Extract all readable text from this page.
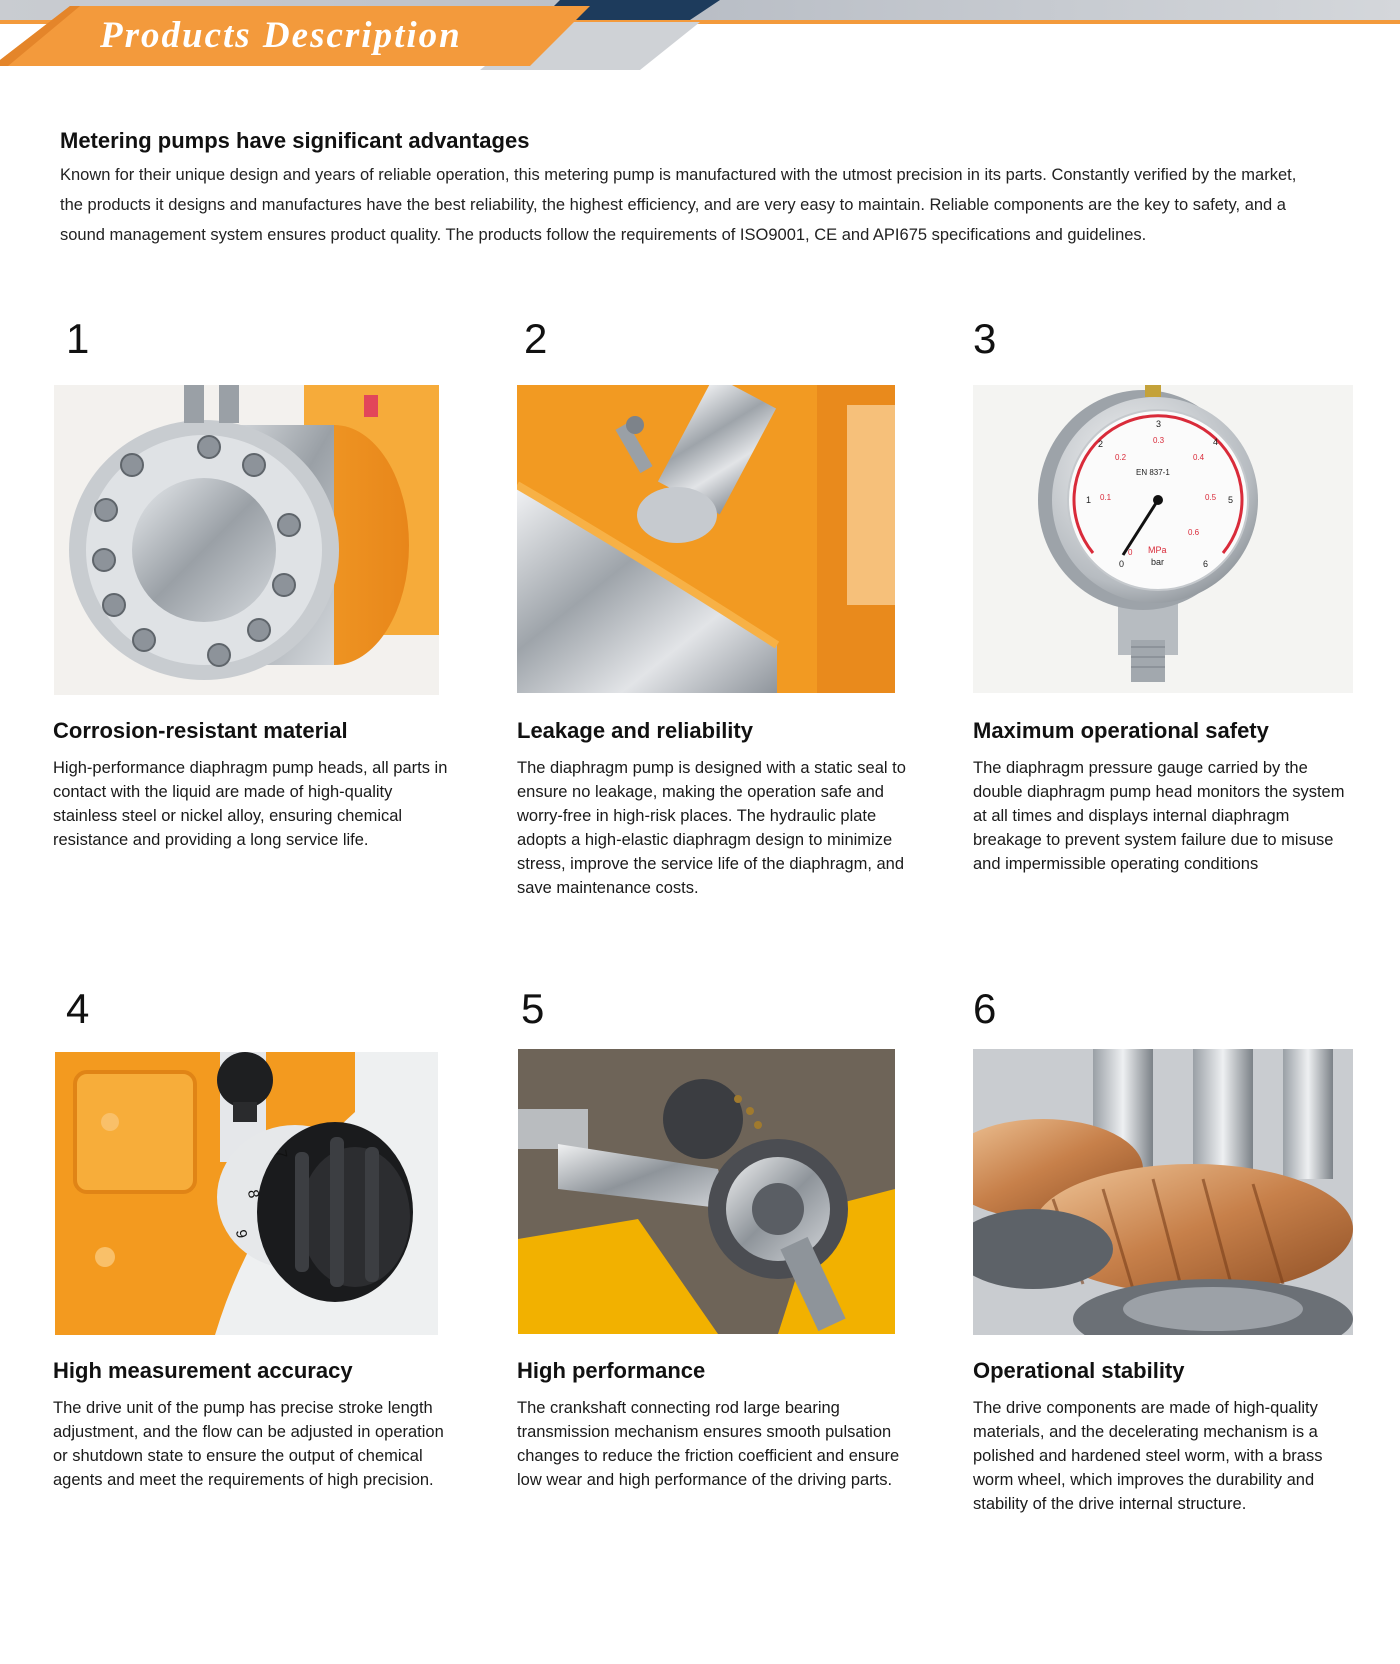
Products Description
Metering pumps have significant advantages

Known for their unique design and years of reliable operation, this metering pump is manufactured with the utmost precision in its parts. Constantly verified by the market, the products it designs and manufactures have the best reliability, the highest efficiency, and are very easy to maintain. Reliable components are the key to safety, and a sound management system ensures product quality. The products follow the requirements of ISO9001, CE and API675 specifications and guidelines.

1
Corrosion-resistant material

High-performance diaphragm pump heads, all parts in contact with the liquid are made of high-quality stainless steel or nickel alloy, ensuring chemical resistance and providing a long service life.

2
Leakage and reliability

The diaphragm pump is designed with a static seal to ensure no leakage, making the operation safe and worry-free in high-risk places. The hydraulic plate adopts a high-elastic diaphragm design to minimize stress, improve the service life of the diaphragm, and save maintenance costs.

3
0
1
2
3
4
5
6
0
0.1
0.2
0.3
0.4
0.5
0.6
EN 837-1
MPa
bar
Maximum operational safety

The diaphragm pressure gauge carried by the double diaphragm pump head monitors the system at all times and displays internal diaphragm breakage to prevent system failure due to misuse and impermissible operating conditions

4
7
8
9
High measurement accuracy

The drive unit of the pump has precise stroke length adjustment, and the flow can be adjusted in operation or shutdown state to ensure the output of chemical agents and meet the requirements of high precision.

5
High performance

The crankshaft connecting rod large bearing transmission mechanism ensures smooth pulsation changes to reduce the friction coefficient and ensure low wear and high performance of the driving parts.

6
Operational stability

The drive components are made of high-quality materials, and the decelerating mechanism is a polished and hardened steel worm, with a brass worm wheel, which improves the durability and stability of the drive internal structure.
